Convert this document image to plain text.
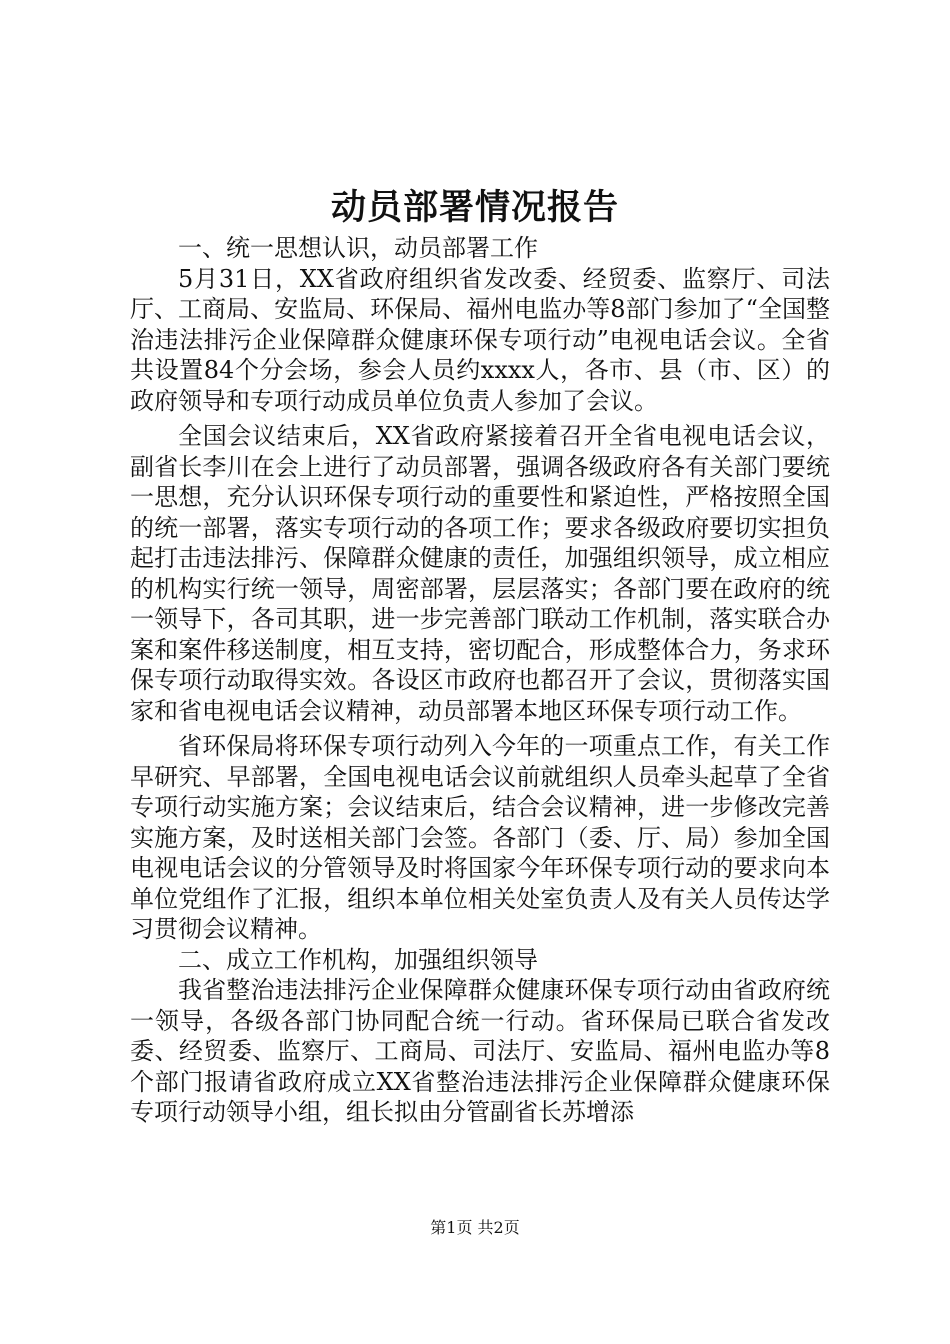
动员部署情况报告

一、统一思想认识，动员部署工作

5月31日，XX省政府组织省发改委、经贸委、监察厅、司法厅、工商局、安监局、环保局、福州电监办等8部门参加了“全国整治违法排污企业保障群众健康环保专项行动”电视电话会议。全省共设置84个分会场，参会人员约xxxx人，各市、县（市、区）的政府领导和专项行动成员单位负责人参加了会议。

全国会议结束后，XX省政府紧接着召开全省电视电话会议，副省长李川在会上进行了动员部署，强调各级政府各有关部门要统一思想，充分认识环保专项行动的重要性和紧迫性，严格按照全国的统一部署，落实专项行动的各项工作；要求各级政府要切实担负起打击违法排污、保障群众健康的责任，加强组织领导，成立相应的机构实行统一领导，周密部署，层层落实；各部门要在政府的统一领导下，各司其职，进一步完善部门联动工作机制，落实联合办案和案件移送制度，相互支持，密切配合，形成整体合力，务求环保专项行动取得实效。各设区市政府也都召开了会议，贯彻落实国家和省电视电话会议精神，动员部署本地区环保专项行动工作。

省环保局将环保专项行动列入今年的一项重点工作，有关工作早研究、早部署，全国电视电话会议前就组织人员牵头起草了全省专项行动实施方案；会议结束后，结合会议精神，进一步修改完善实施方案，及时送相关部门会签。各部门（委、厅、局）参加全国电视电话会议的分管领导及时将国家今年环保专项行动的要求向本单位党组作了汇报，组织本单位相关处室负责人及有关人员传达学习贯彻会议精神。

二、成立工作机构，加强组织领导

我省整治违法排污企业保障群众健康环保专项行动由省政府统一领导，各级各部门协同配合统一行动。省环保局已联合省发改委、经贸委、监察厅、工商局、司法厅、安监局、福州电监办等8个部门报请省政府成立XX省整治违法排污企业保障群众健康环保专项行动领导小组，组长拟由分管副省长苏增添

第1页 共2页
